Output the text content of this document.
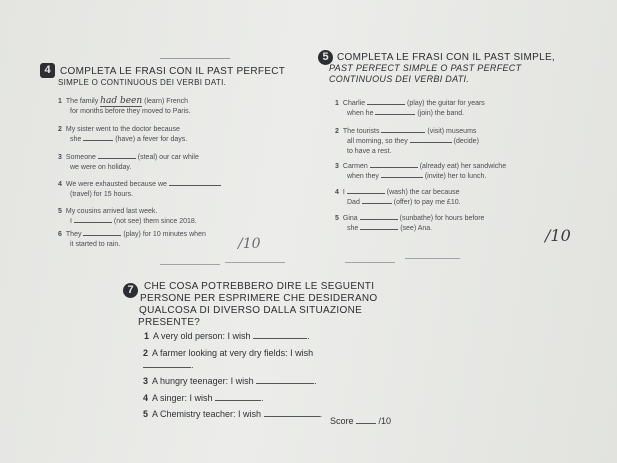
4 COMPLETA LE FRASI CON IL PAST PERFECT
SIMPLE O CONTINUOUS DEI VERBI DATI.
1 The family had been (learn) French
for months before they moved to Paris.
2 My sister went to the doctor because
she	(have) a fever for days.
3 Someone	(steal) our car while
we were on holiday.
4 We were exhausted because we
(travel) for 15 hours.
5 My cousins arrived last week.
I	(not see) them since 2018.
6 They	(play) for 10 minutes when
it started to rain.	/10
5 COMPLETA LE FRASI CON IL PAST SIMPLE,
PAST PERFECT SIMPLE O PAST PERFECT
CONTINUOUS DEI VERBI DATI.
1 Charlie	(play) the guitar for years
when he	(join) the band.
2 The tourists	(visit) museums
all morning, so they	(decide)
to have a rest.
3 Carmen	(already eat) her sandwiche
when they	(invite) her to lunch.
4 I	(wash) the car because
Dad	(offer) to pay me £10.
5 Gina	(sunbathe) for hours before
she	(see) Ana.	/10
7	CHE COSA POTREBBERO DIRE LE SEGUENTI
PERSONE PER ESPRIMERE CHE DESIDERANO
QUALCOSA DI DIVERSO DALLA SITUAZIONE
PRESENTE?
1 A very old person: I wish	.
2 A farmer looking at very dry fields: I wish
.
3 A hungry teenager: I wish	.
4 A singer: I wish	.
5 A Chemistry teacher: I wish	.
Score	/10
